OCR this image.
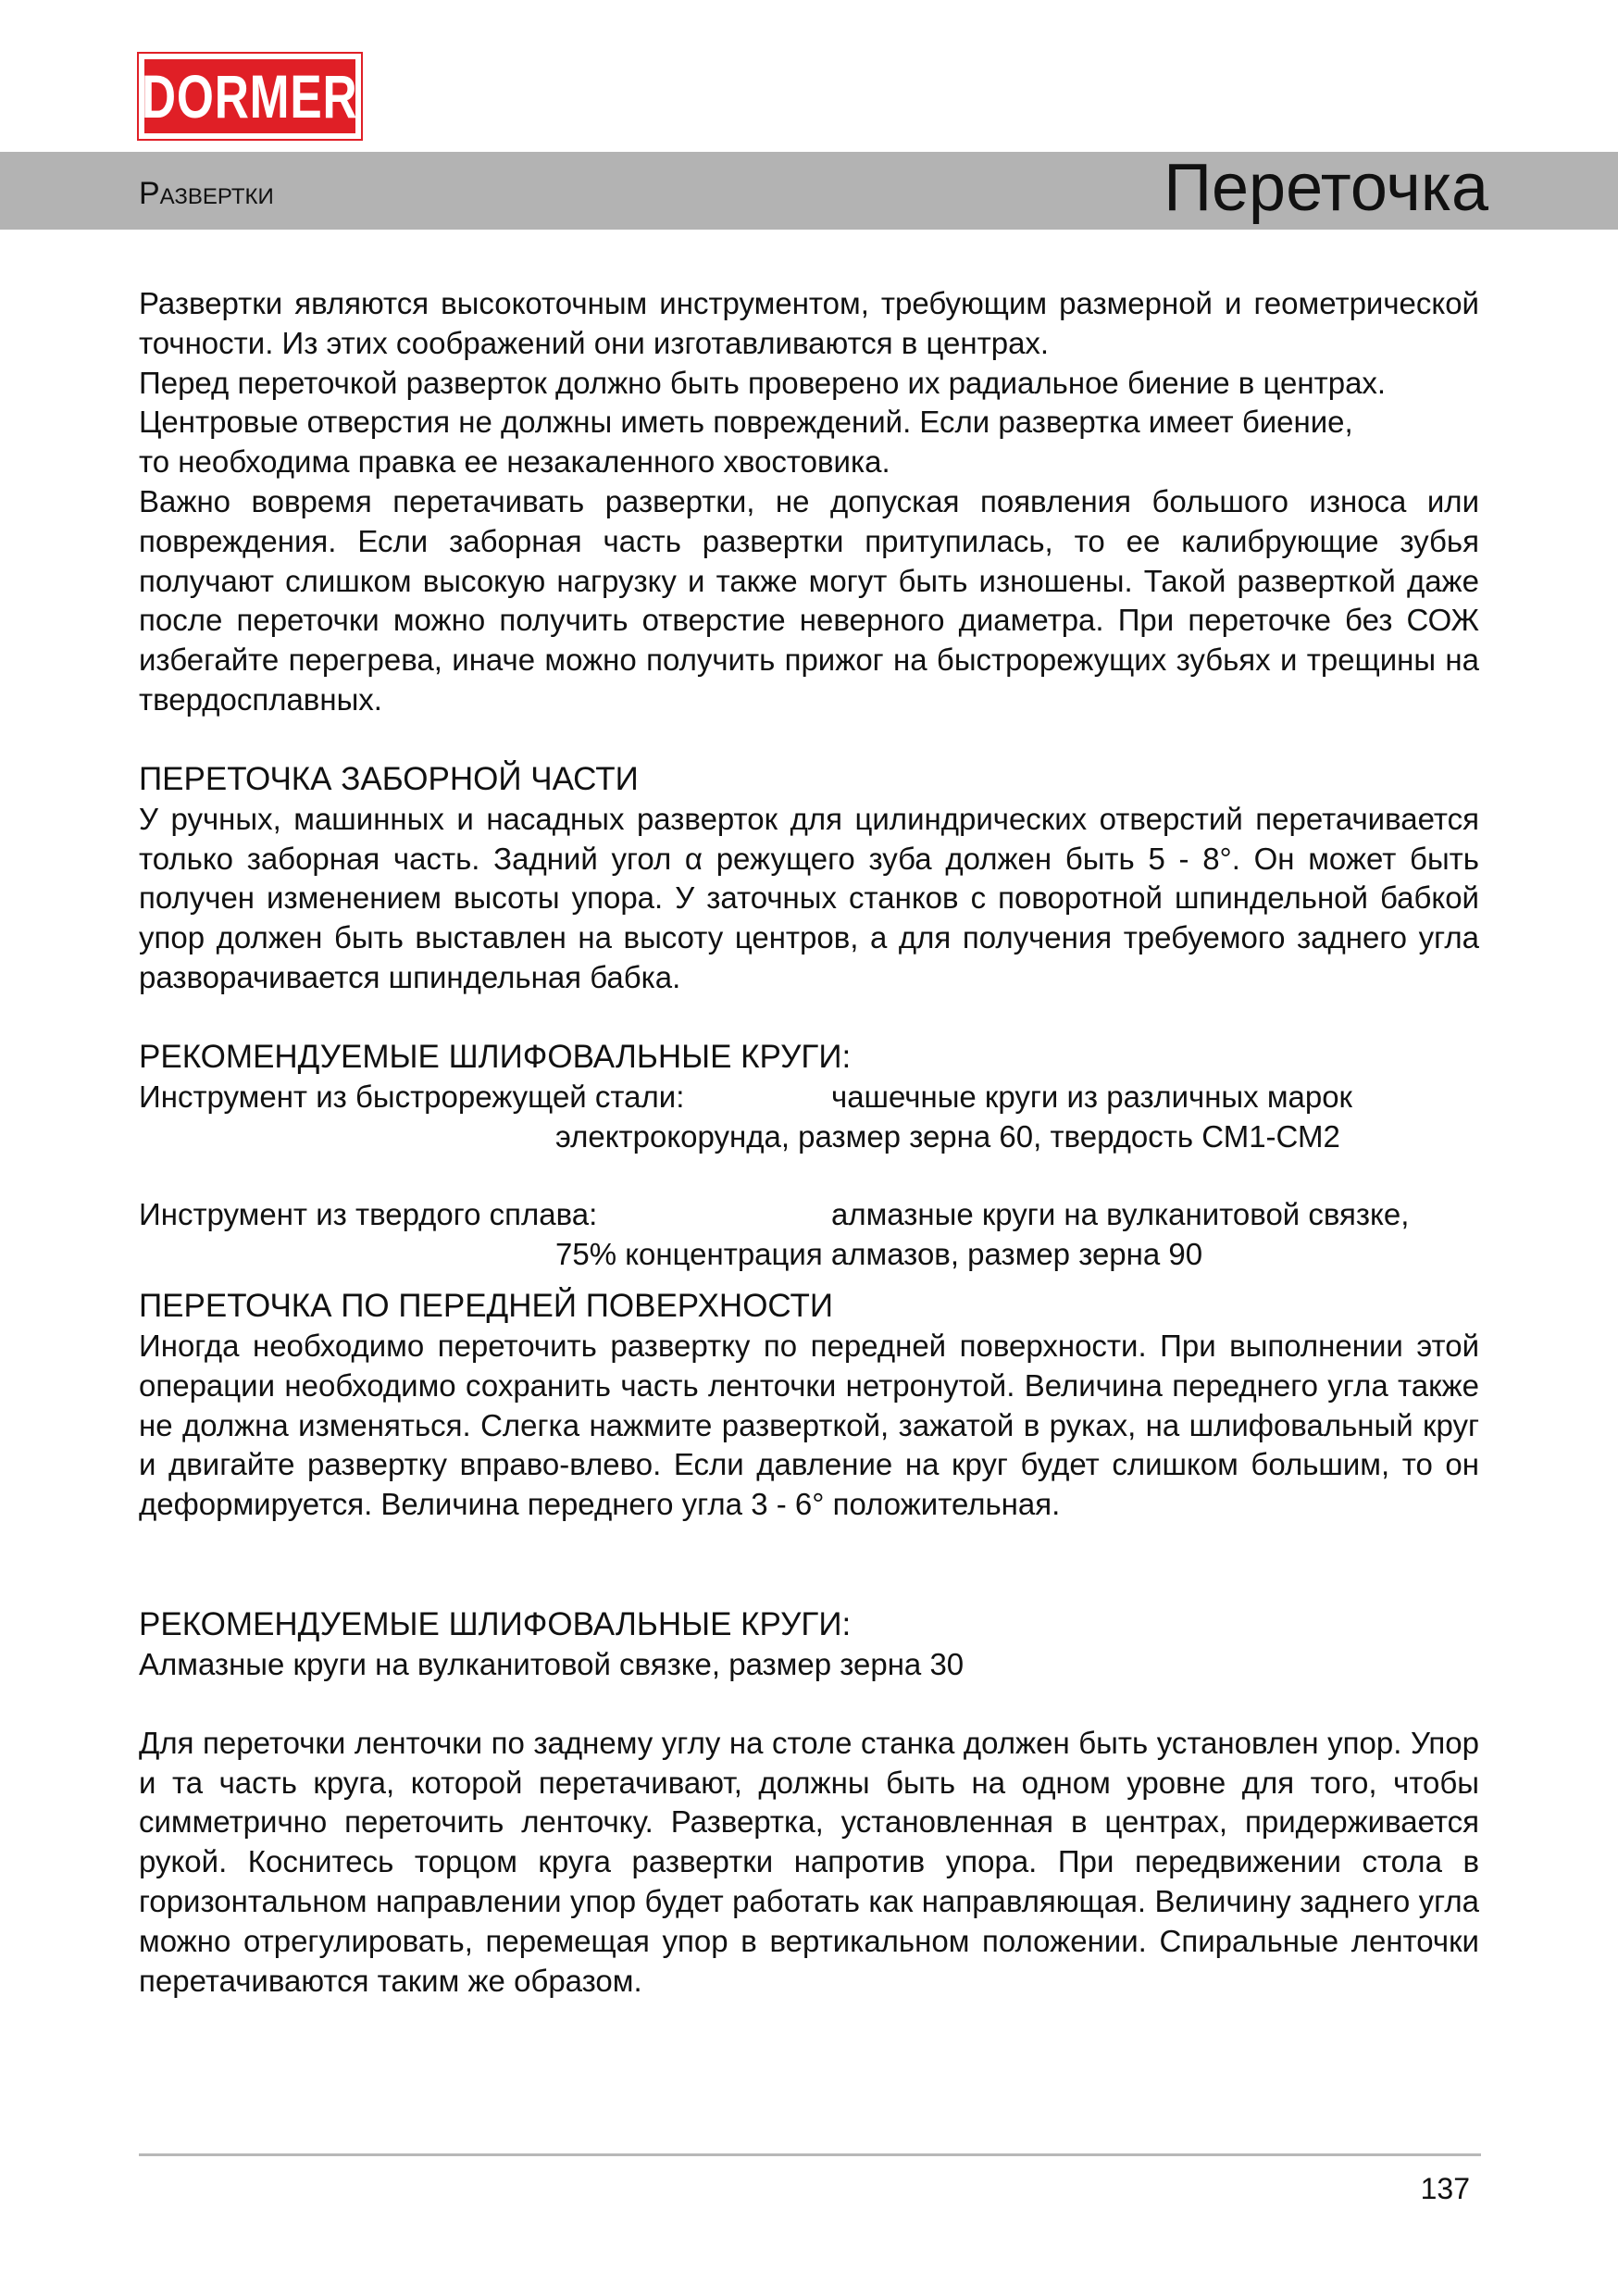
DORMER
Развертки	Переточка

Развертки являются высокоточным инструментом, требующим размерной и геометрической точности. Из этих соображений они изготавливаются в центрах.

Перед переточкой разверток должно быть проверено их радиальное биение в центрах.

Центровые отверстия не должны иметь повреждений. Если развертка имеет биение,

то необходима правка ее незакаленного хвостовика.

Важно вовремя перетачивать развертки, не допуская появления большого износа или повреждения. Если заборная часть развертки притупилась, то ее калибрующие зубья получают слишком высокую нагрузку и также могут быть изношены. Такой разверткой даже после переточки можно получить отверстие неверного диаметра. При переточке без СОЖ избегайте перегрева, иначе можно получить прижог на быстрорежущих зубьях и трещины на твердосплавных.

ПЕРЕТОЧКА ЗАБОРНОЙ ЧАСТИ

У ручных, машинных и насадных разверток для цилиндрических отверстий перетачивается только заборная часть. Задний угол α режущего зуба должен быть 5 - 8°. Он может быть получен изменением высоты упора. У заточных станков с поворотной шпиндельной бабкой упор должен быть выставлен на высоту центров, а для получения требуемого заднего угла разворачивается шпиндельная бабка.

РЕКОМЕНДУЕМЫЕ ШЛИФОВАЛЬНЫЕ КРУГИ:
Инструмент из быстрорежущей стали:	чашечные круги из различных марок
электрокорунда, размер зерна 60, твердость СМ1-СМ2
Инструмент из твердого сплава:	алмазные круги на вулканитовой связке,
75% концентрация алмазов, размер зерна 90
ПЕРЕТОЧКА ПО ПЕРЕДНЕЙ ПОВЕРХНОСТИ

Иногда необходимо переточить развертку по передней поверхности. При выполнении этой операции необходимо сохранить часть ленточки нетронутой. Величина переднего угла также не должна изменяться. Слегка нажмите разверткой, зажатой в руках, на шлифовальный круг и двигайте развертку вправо-влево. Если давление на круг будет слишком большим, то он деформируется. Величина переднего угла 3 - 6° положительная.

РЕКОМЕНДУЕМЫЕ ШЛИФОВАЛЬНЫЕ КРУГИ:

Алмазные круги на вулканитовой связке, размер зерна 30

Для переточки ленточки по заднему углу на столе станка должен быть установлен упор. Упор и та часть круга, которой перетачивают, должны быть на одном уровне для того, чтобы симметрично переточить ленточку. Развертка, установленная в центрах, придерживается рукой. Коснитесь торцом круга развертки напротив упора. При передвижении стола в горизонтальном направлении упор будет работать как направляющая. Величину заднего угла можно отрегулировать, перемещая упор в вертикальном положении. Спиральные ленточки перетачиваются таким же образом.

137
